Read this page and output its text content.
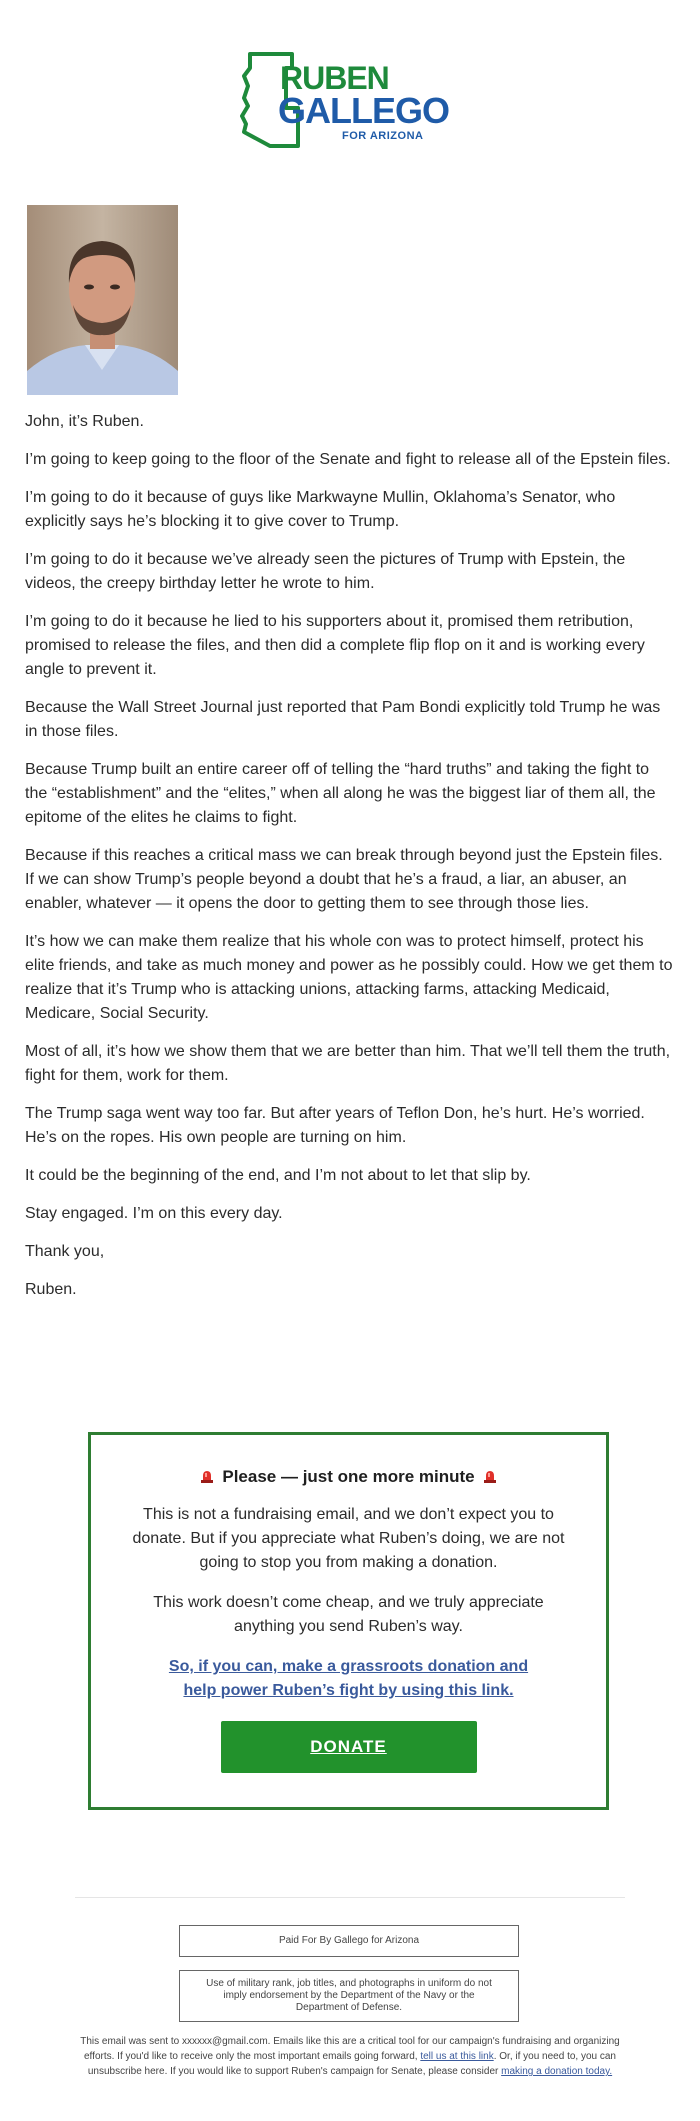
RUBEN
GALLEGO
FOR ARIZONA

John, it’s Ruben.

I’m going to keep going to the floor of the Senate and fight to release all of the Epstein files.

I’m going to do it because of guys like Markwayne Mullin, Oklahoma’s Senator, who explicitly says he’s blocking it to give cover to Trump.

I’m going to do it because we’ve already seen the pictures of Trump with Epstein, the videos, the creepy birthday letter he wrote to him.

I’m going to do it because he lied to his supporters about it, promised them retribution, promised to release the files, and then did a complete flip flop on it and is working every angle to prevent it.

Because the Wall Street Journal just reported that Pam Bondi explicitly told Trump he was in those files.

Because Trump built an entire career off of telling the “hard truths” and taking the fight to the “establishment” and the “elites,” when all along he was the biggest liar of them all, the epitome of the elites he claims to fight.

Because if this reaches a critical mass we can break through beyond just the Epstein files. If we can show Trump’s people beyond a doubt that he’s a fraud, a liar, an abuser, an enabler, whatever — it opens the door to getting them to see through those lies.

It’s how we can make them realize that his whole con was to protect himself, protect his elite friends, and take as much money and power as he possibly could. How we get them to realize that it’s Trump who is attacking unions, attacking farms, attacking Medicaid, Medicare, Social Security.

Most of all, it’s how we show them that we are better than him. That we’ll tell them the truth, fight for them, work for them.

The Trump saga went way too far. But after years of Teflon Don, he’s hurt. He’s worried. He’s on the ropes. His own people are turning on him.

It could be the beginning of the end, and I’m not about to let that slip by.

Stay engaged. I’m on this every day.

Thank you,

Ruben.

Please — just one more minute

This is not a fundraising email, and we don’t expect you to donate. But if you appreciate what Ruben’s doing, we are not going to stop you from making a donation.

This work doesn’t come cheap, and we truly appreciate anything you send Ruben’s way.

So, if you can, make a grassroots donation and help power Ruben’s fight by using this link.
DONATE
Paid For By Gallego for Arizona
Use of military rank, job titles, and photographs in uniform do not imply endorsement by the Department of the Navy or the Department of Defense.
This email was sent to xxxxxx@gmail.com. Emails like this are a critical tool for our campaign's fundraising and organizing efforts. If you'd like to receive only the most important emails going forward, tell us at this link. Or, if you need to, you can unsubscribe here. If you would like to support Ruben's campaign for Senate, please consider making a donation today.
